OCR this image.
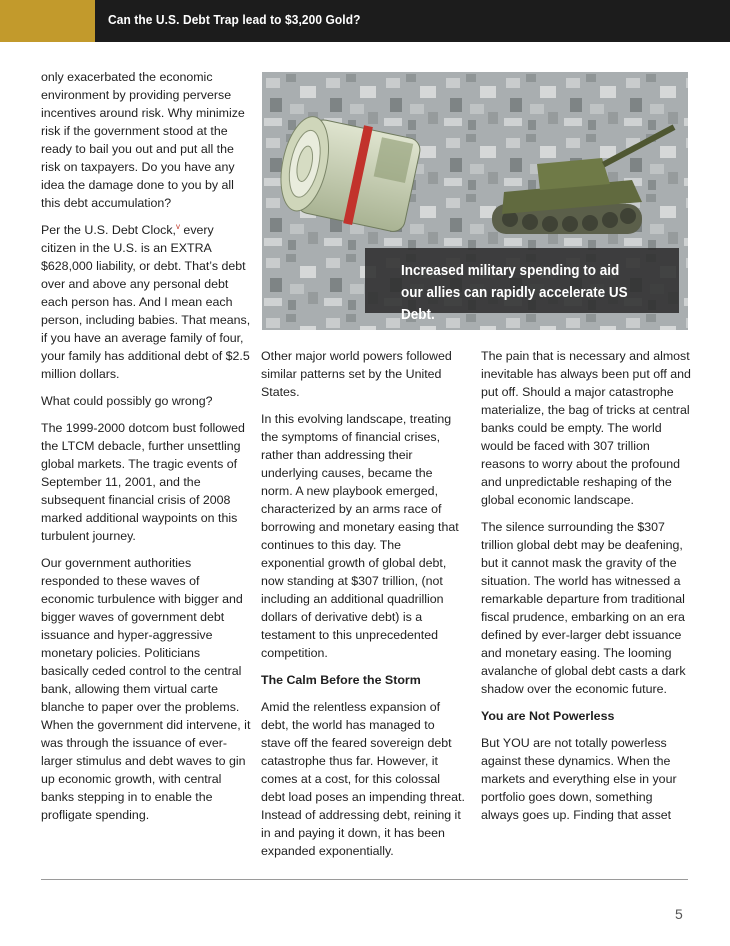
Can the U.S. Debt Trap lead to $3,200 Gold?

only exacerbated the economic environment by providing perverse incentives around risk. Why minimize risk if the government stood at the ready to bail you out and put all the risk on taxpayers. Do you have any idea the damage done to you by all this debt accumulation?

Per the U.S. Debt Clock,$^v$ every citizen in the U.S. is an EXTRA $628,000 liability, or debt. That’s debt over and above any personal debt each person has. And I mean each person, including babies. That means, if you have an average family of four, your family has additional debt of $2.5 million dollars.

What could possibly go wrong?

The 1999-2000 dotcom bust followed the LTCM debacle, further unsettling global markets. The tragic events of September 11, 2001, and the subsequent financial crisis of 2008 marked additional waypoints on this turbulent journey.

Our government authorities responded to these waves of economic turbulence with bigger and bigger waves of government debt issuance and hyper-aggressive monetary policies. Politicians basically ceded control to the central bank, allowing them virtual carte blanche to paper over the problems. When the government did intervene, it was through the issuance of ever-larger stimulus and debt waves to gin up economic growth, with central banks stepping in to enable the profligate spending.

Increased military spending to aid our allies can rapidly accelerate US Debt.

Other major world powers followed similar patterns set by the United States.

In this evolving landscape, treating the symptoms of financial crises, rather than addressing their underlying causes, became the norm. A new playbook emerged, characterized by an arms race of borrowing and monetary easing that continues to this day. The exponential growth of global debt, now standing at $307 trillion, (not including an additional quadrillion dollars of derivative debt) is a testament to this unprecedented competition.

The Calm Before the Storm

Amid the relentless expansion of debt, the world has managed to stave off the feared sovereign debt catastrophe thus far. However, it comes at a cost, for this colossal debt load poses an impending threat. Instead of addressing debt, reining it in and paying it down, it has been expanded exponentially.

The pain that is necessary and almost inevitable has always been put off and put off. Should a major catastrophe materialize, the bag of tricks at central banks could be empty. The world would be faced with 307 trillion reasons to worry about the profound and unpredictable reshaping of the global economic landscape.

The silence surrounding the $307 trillion global debt may be deafening, but it cannot mask the gravity of the situation. The world has witnessed a remarkable departure from traditional fiscal prudence, embarking on an era defined by ever-larger debt issuance and monetary easing. The looming avalanche of global debt casts a dark shadow over the economic future.

You are Not Powerless

But YOU are not totally powerless against these dynamics. When the markets and everything else in your portfolio goes down, something always goes up. Finding that asset

5
